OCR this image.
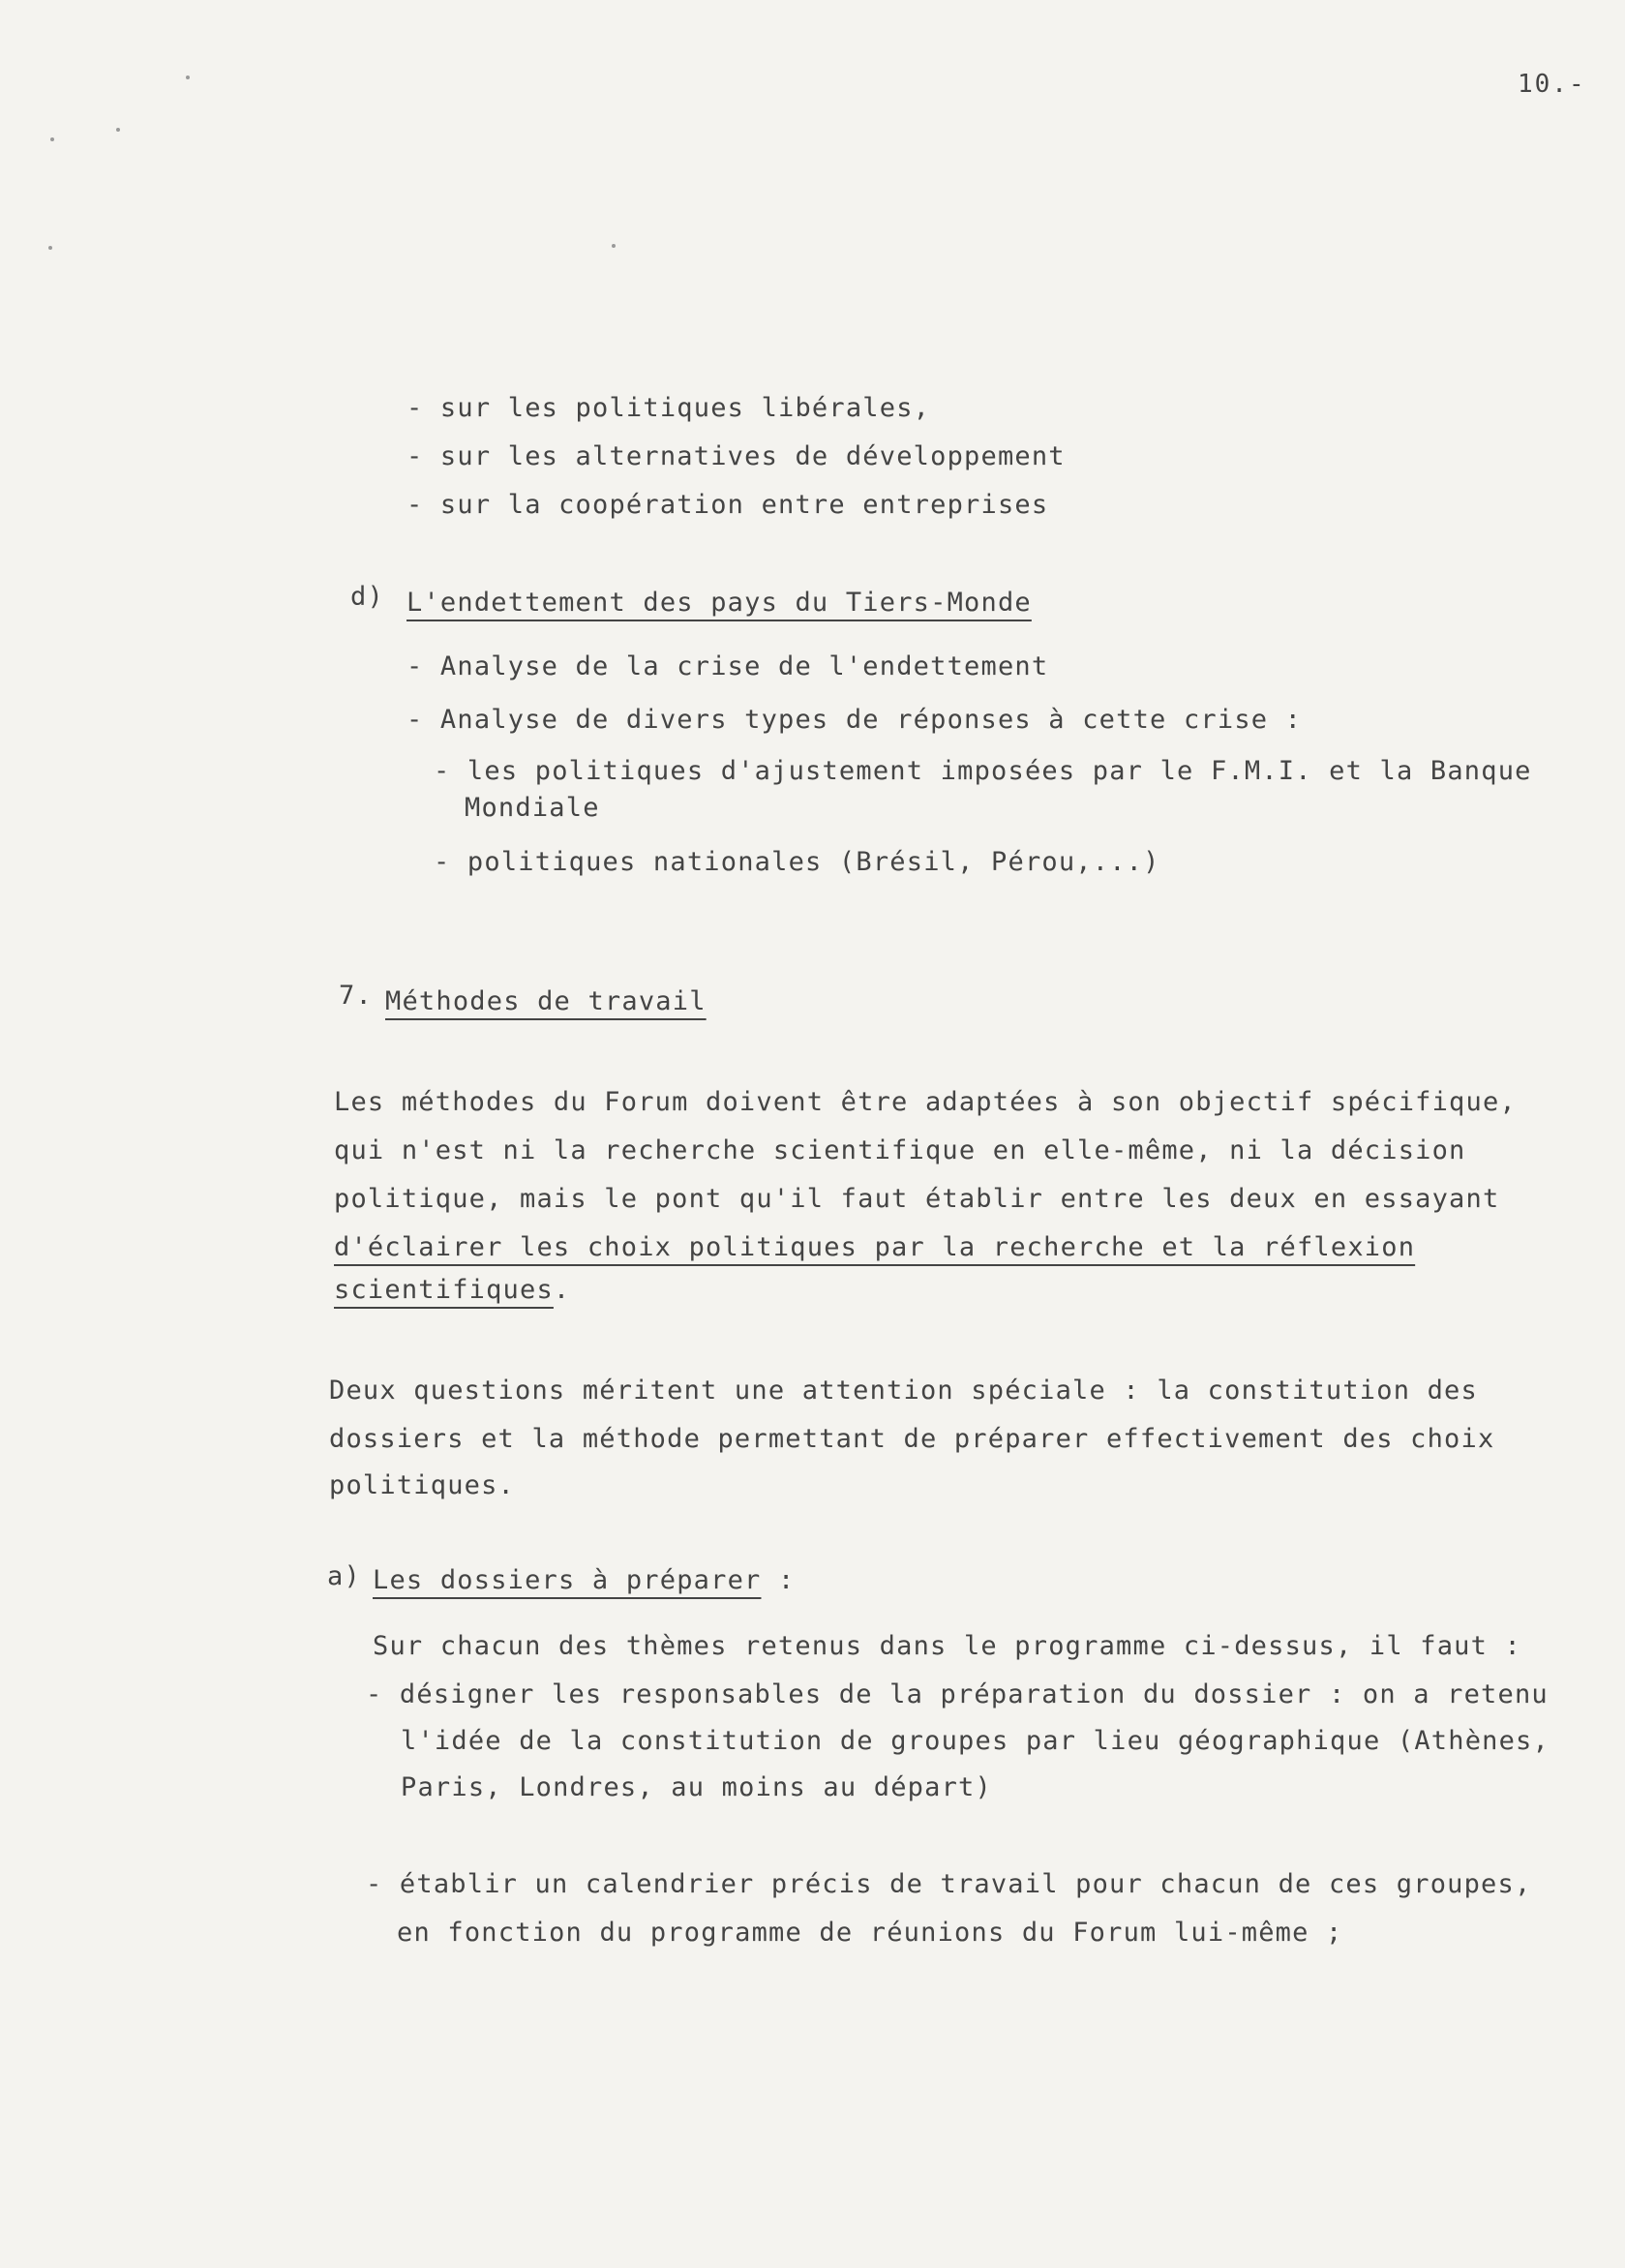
10.-
- sur les politiques libérales,
- sur les alternatives de développement
- sur la coopération entre entreprises
d) L'endettement des pays du Tiers-Monde
- Analyse de la crise de l'endettement
- Analyse de divers types de réponses à cette crise :
- les politiques d'ajustement imposées par le F.M.I. et la Banque
Mondiale
- politiques nationales (Brésil, Pérou,...)
7. Méthodes de travail
Les méthodes du Forum doivent être adaptées à son objectif spécifique,
qui n'est ni la recherche scientifique en elle-même, ni la décision
politique, mais le pont qu'il faut établir entre les deux en essayant
d'éclairer les choix politiques par la recherche et la réflexion
scientifiques.
Deux questions méritent une attention spéciale : la constitution des
dossiers et la méthode permettant de préparer effectivement des choix
politiques.
a) Les dossiers à préparer :
Sur chacun des thèmes retenus dans le programme ci-dessus, il faut :
- désigner les responsables de la préparation du dossier : on a retenu
l'idée de la constitution de groupes par lieu géographique (Athènes,
Paris, Londres, au moins au départ)
- établir un calendrier précis de travail pour chacun de ces groupes,
en fonction du programme de réunions du Forum lui-même ;
